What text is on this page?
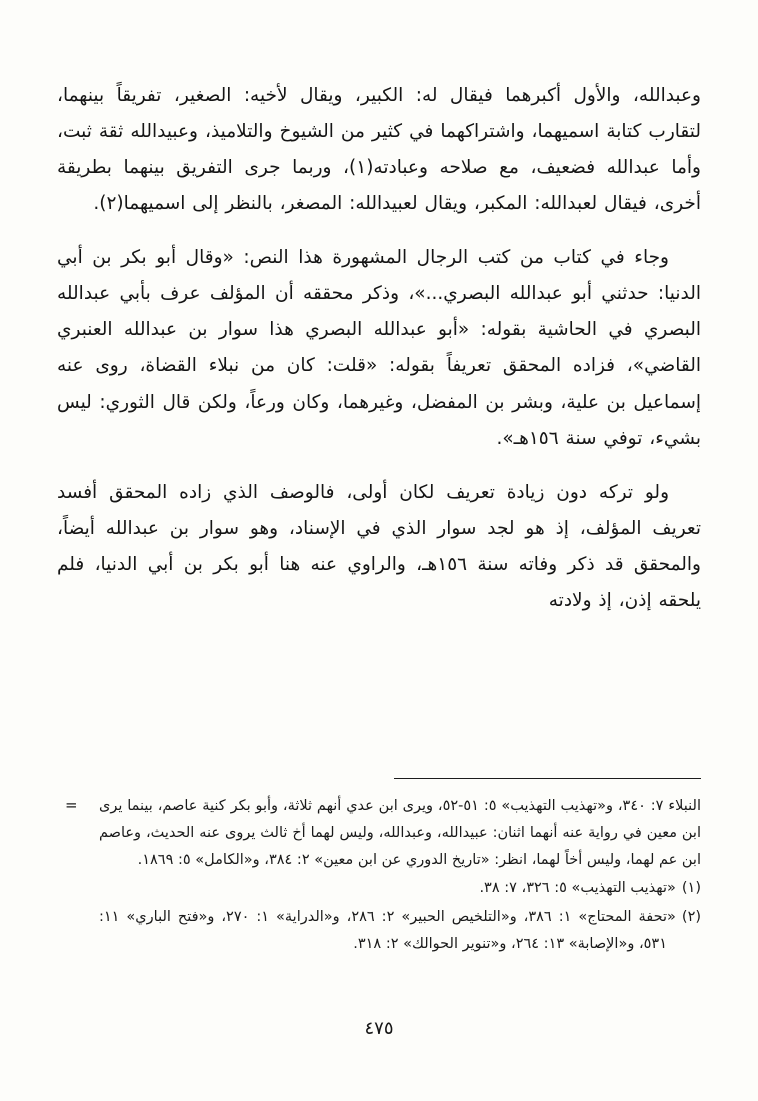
وعبدالله، والأول أكبرهما فيقال له: الكبير، ويقال لأخيه: الصغير، تفريقاً بينهما، لتقارب كتابة اسميهما، واشتراكهما في كثير من الشيوخ والتلاميذ، وعبيدالله ثقة ثبت، وأما عبدالله فضعيف، مع صلاحه وعبادته(١)، وربما جرى التفريق بينهما بطريقة أخرى، فيقال لعبدالله: المكبر، ويقال لعبيدالله: المصغر، بالنظر إلى اسميهما(٢).

وجاء في كتاب من كتب الرجال المشهورة هذا النص: «وقال أبو بكر بن أبي الدنيا: حدثني أبو عبدالله البصري...»، وذكر محققه أن المؤلف عرف بأبي عبدالله البصري في الحاشية بقوله: «أبو عبدالله البصري هذا سوار بن عبدالله العنبري القاضي»، فزاده المحقق تعريفاً بقوله: «قلت: كان من نبلاء القضاة، روى عنه إسماعيل بن علية، وبشر بن المفضل، وغيرهما، وكان ورعاً، ولكن قال الثوري: ليس بشيء، توفي سنة ١٥٦هـ».

ولو تركه دون زيادة تعريف لكان أولى، فالوصف الذي زاده المحقق أفسد تعريف المؤلف، إذ هو لجد سوار الذي في الإسناد، وهو سوار بن عبدالله أيضاً، والمحقق قد ذكر وفاته سنة ١٥٦هـ، والراوي عنه هنا أبو بكر بن أبي الدنيا، فلم يلحقه إذن، إذ ولادته

= النبلاء ٧: ٣٤٠، و«تهذيب التهذيب» ٥: ٥١-٥٢، ويرى ابن عدي أنهم ثلاثة، وأبو بكر كنية عاصم، بينما يرى ابن معين في رواية عنه أنهما اثنان: عبيدالله، وعبدالله، وليس لهما أخ ثالث يروى عنه الحديث، وعاصم ابن عم لهما، وليس أخاً لهما، انظر: «تاريخ الدوري عن ابن معين» ٢: ٣٨٤، و«الكامل» ٥: ١٨٦٩.

(١)«تهذيب التهذيب» ٥: ٣٢٦، ٧: ٣٨.

(٢)«تحفة المحتاج» ١: ٣٨٦، و«التلخيص الحبير» ٢: ٢٨٦، و«الدراية» ١: ٢٧٠، و«فتح الباري» ١١: ٥٣١، و«الإصابة» ١٣: ٢٦٤، و«تنوير الحوالك» ٢: ٣١٨.

٤٧٥
